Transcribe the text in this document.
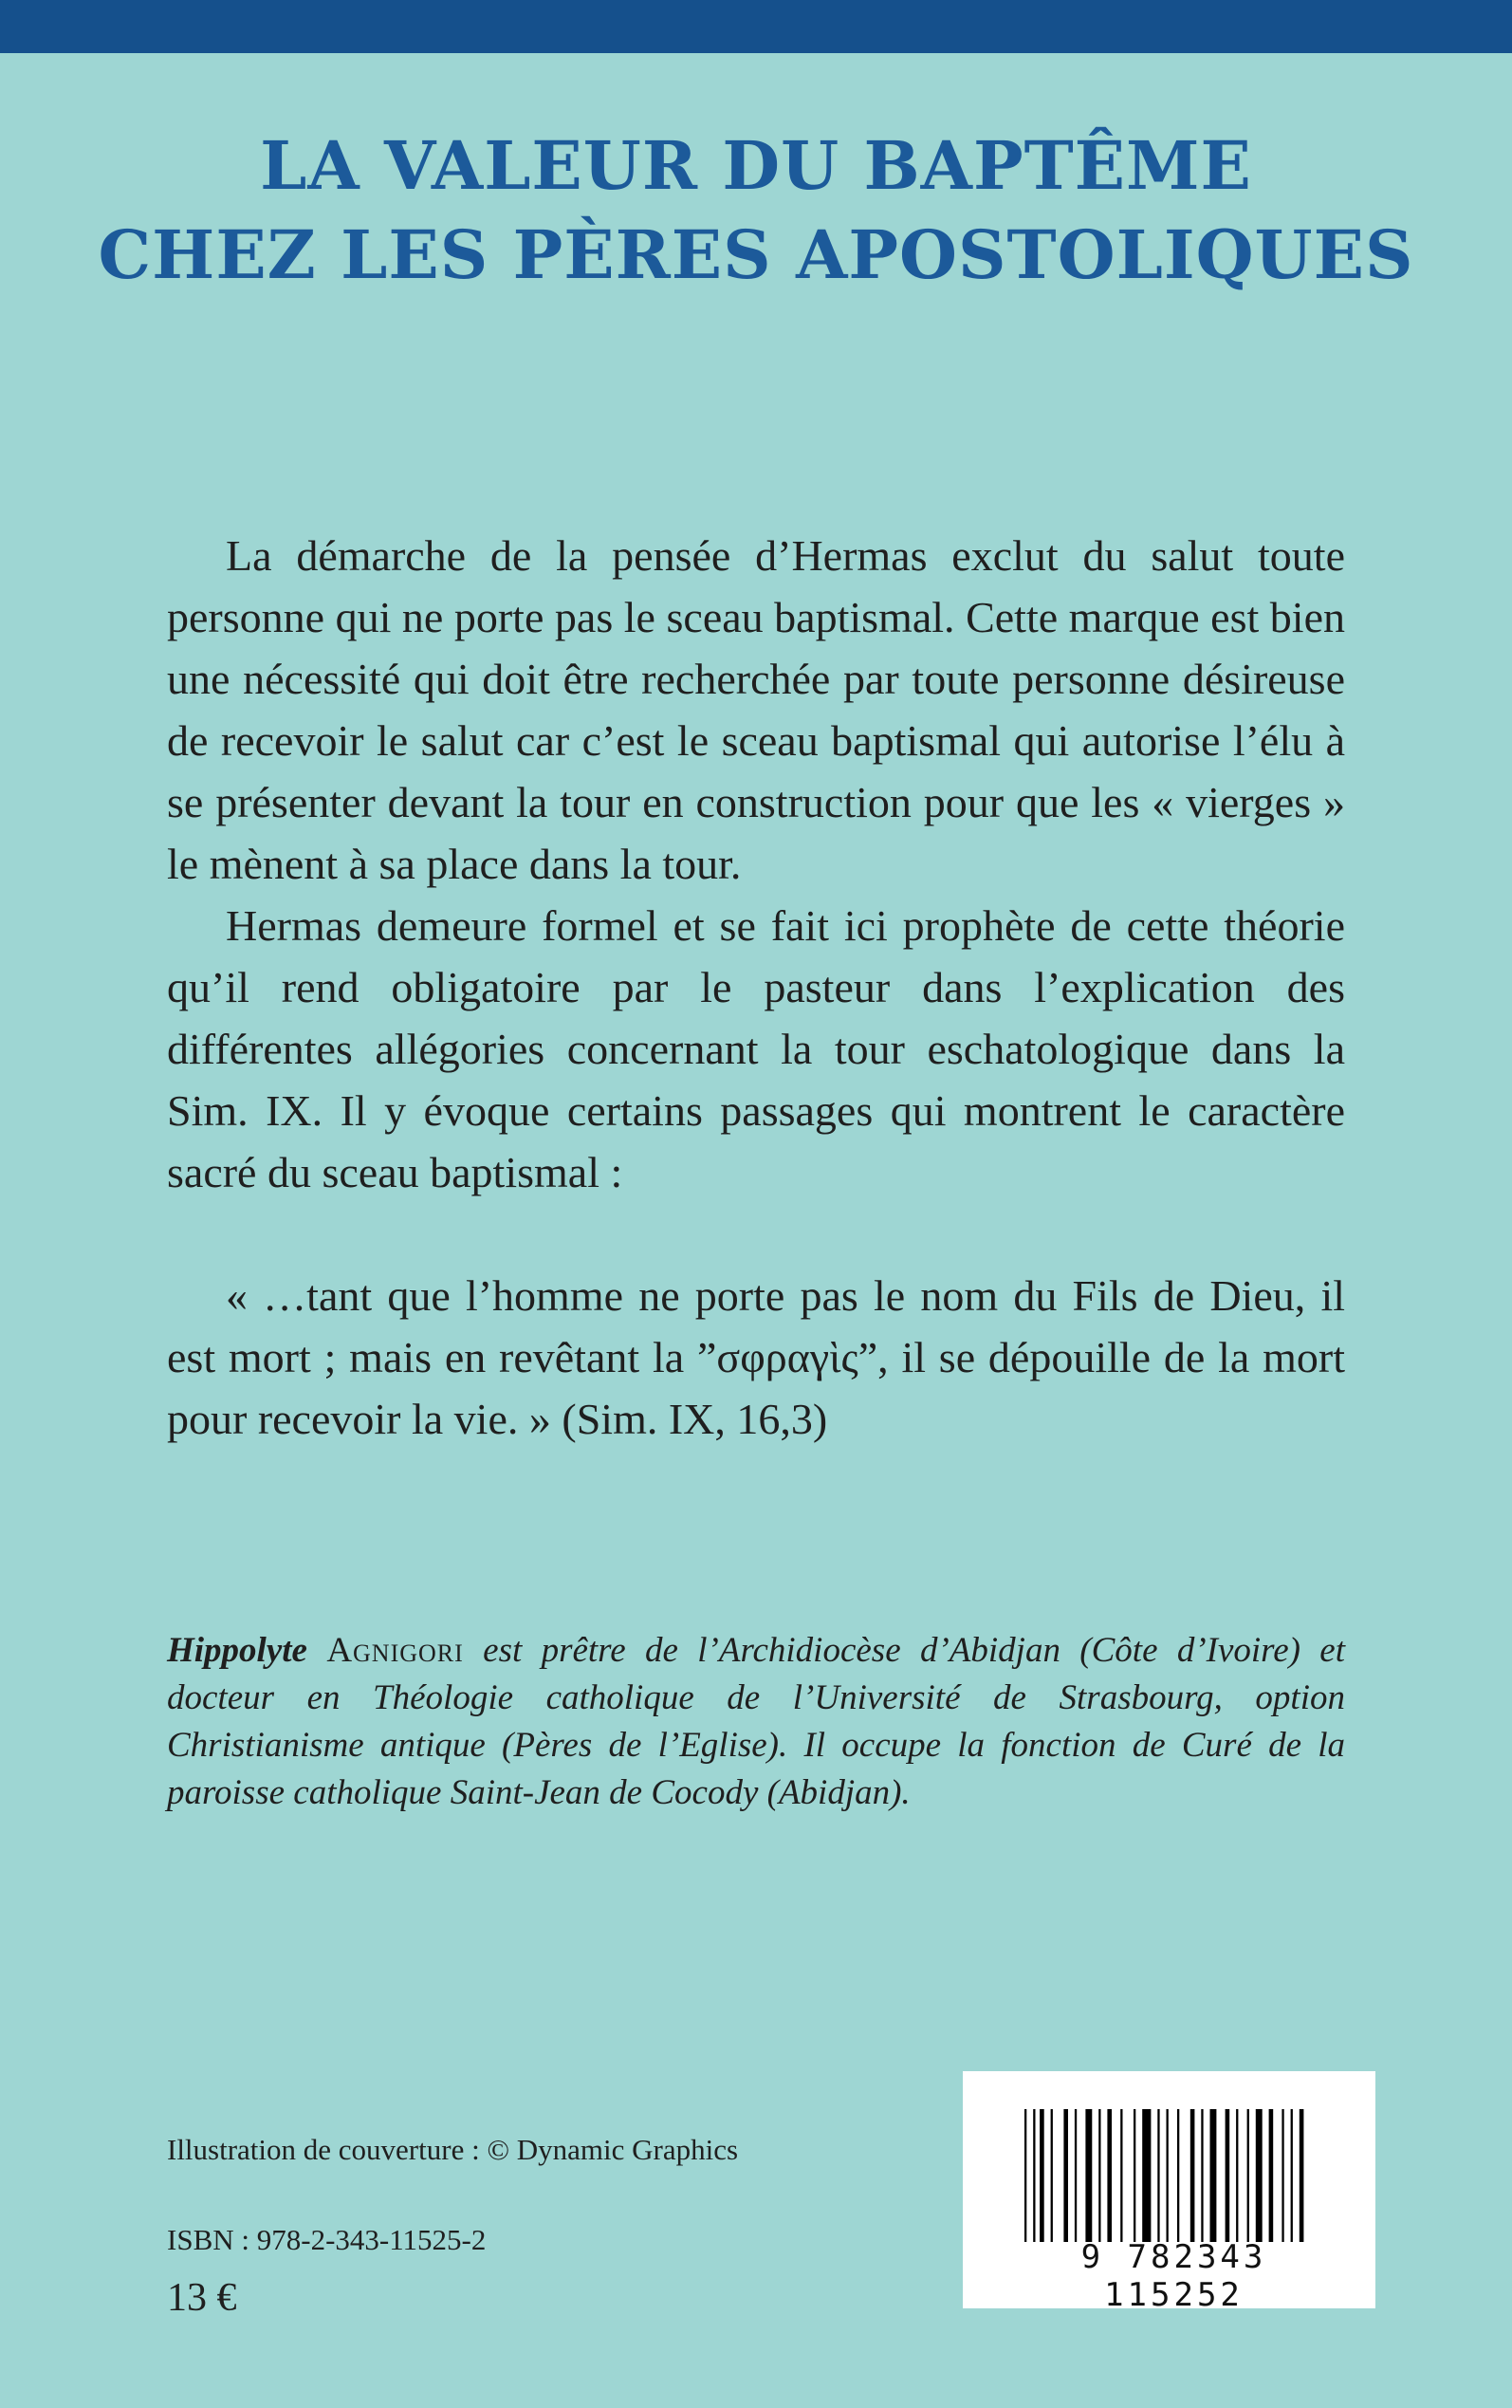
LA VALEUR DU BAPTÊME
CHEZ LES PÈRES APOSTOLIQUES

La démarche de la pensée d’Hermas exclut du salut toute personne qui ne porte pas le sceau baptismal. Cette marque est bien une nécessité qui doit être recherchée par toute personne désireuse de recevoir le salut car c’est le sceau baptismal qui autorise l’élu à se présenter devant la tour en construction pour que les « vierges » le mènent à sa place dans la tour.

Hermas demeure formel et se fait ici prophète de cette théorie qu’il rend obligatoire par le pasteur dans l’explication des différentes allégories concernant la tour eschatologique dans la Sim. IX. Il y évoque certains passages qui montrent le caractère sacré du sceau baptismal :

« …tant que l’homme ne porte pas le nom du Fils de Dieu, il est mort ; mais en revêtant la ”σφραγὶς”, il se dépouille de la mort pour recevoir la vie. » (Sim. IX, 16,3)

Hippolyte Agnigori est prêtre de l’Archidiocèse d’Abidjan (Côte d’Ivoire) et docteur en Théologie catholique de l’Université de Strasbourg, option Christianisme antique (Pères de l’Eglise). Il occupe la fonction de Curé de la paroisse catholique Saint-Jean de Cocody (Abidjan).

Illustration de couverture : © Dynamic Graphics
ISBN : 978-2-343-11525-2
13 €
9 782343 115252
